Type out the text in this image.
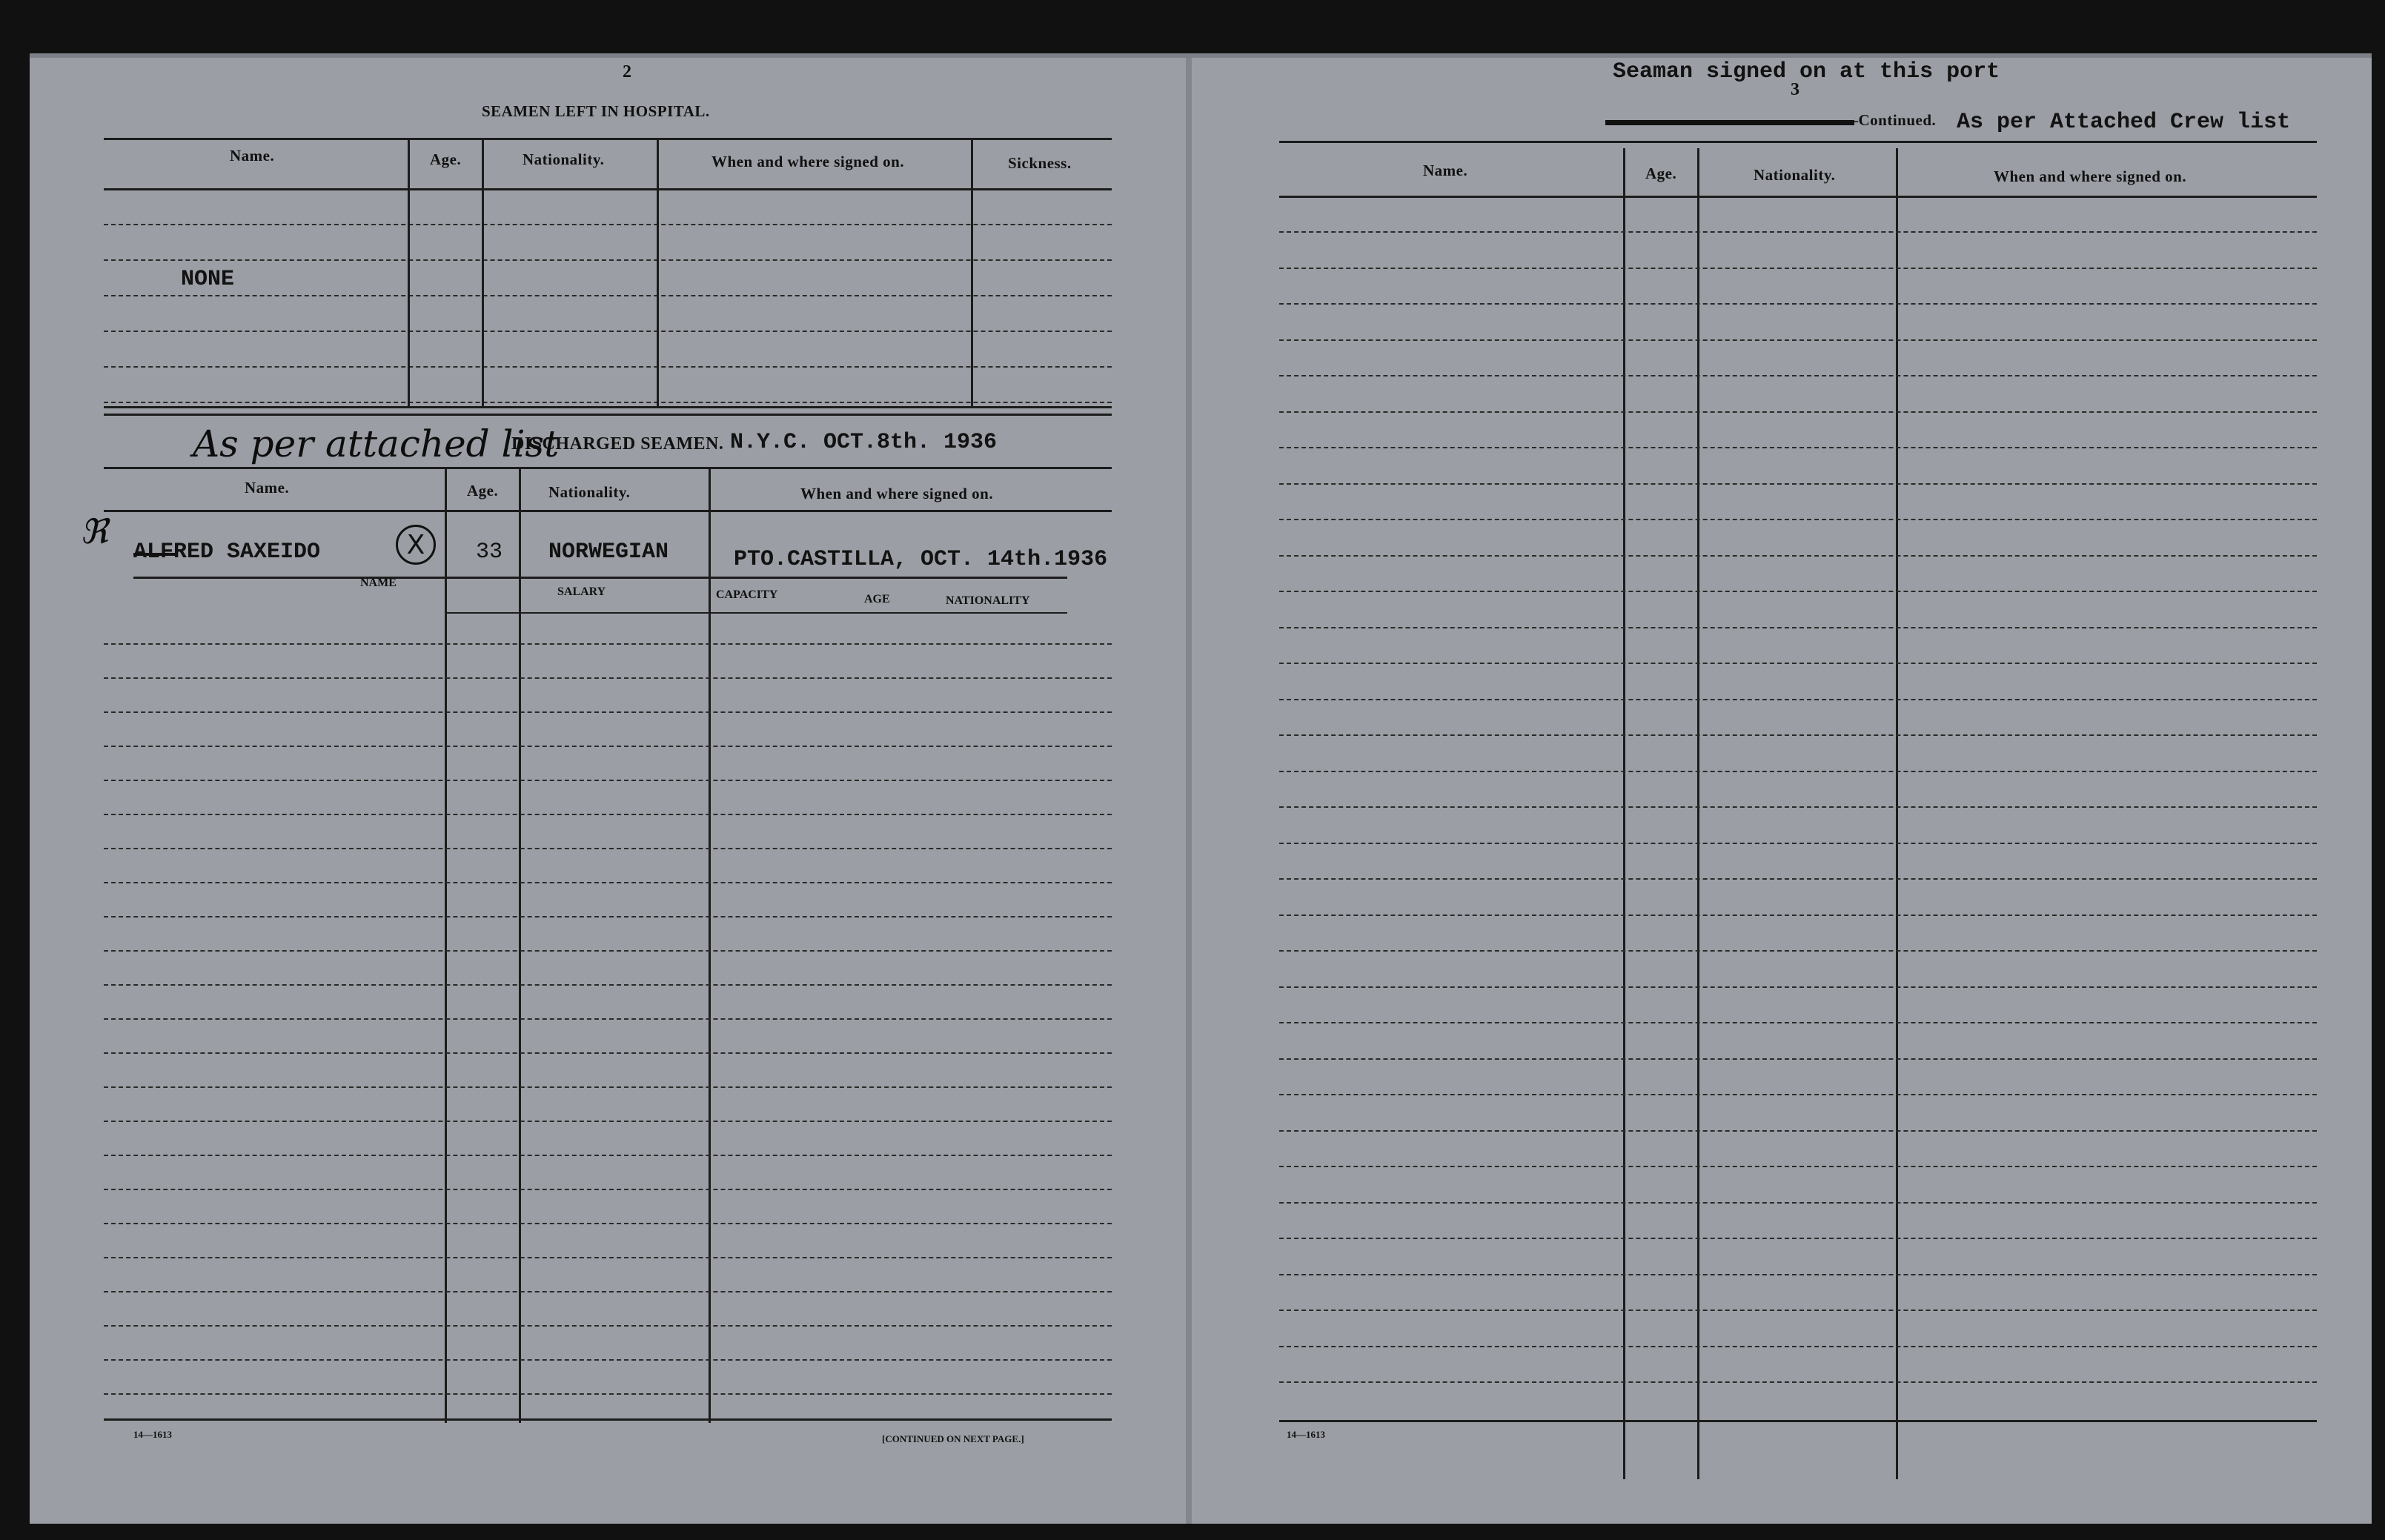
2
SEAMEN LEFT IN HOSPITAL.
Name.	Age.	Nationality.	When and where signed on.	Sickness.
NONE
As per attached list
DISCHARGED SEAMEN. N.Y.C. OCT.8th. 1936
Name.	Age.	Nationality.	When and where signed on.
ℜ
ALFRED SAXEIDO	X 33 NORWEGIAN	PTO.CASTILLA, OCT. 14th.1936
NAME
SALARY	CAPACITY	AGE	NATIONALITY
14—1613	[CONTINUED ON NEXT PAGE.]
Seaman signed on at this port
3
—Continued. As per Attached Crew list
Name.	Age.	Nationality.	When and where signed on.
14—1613
